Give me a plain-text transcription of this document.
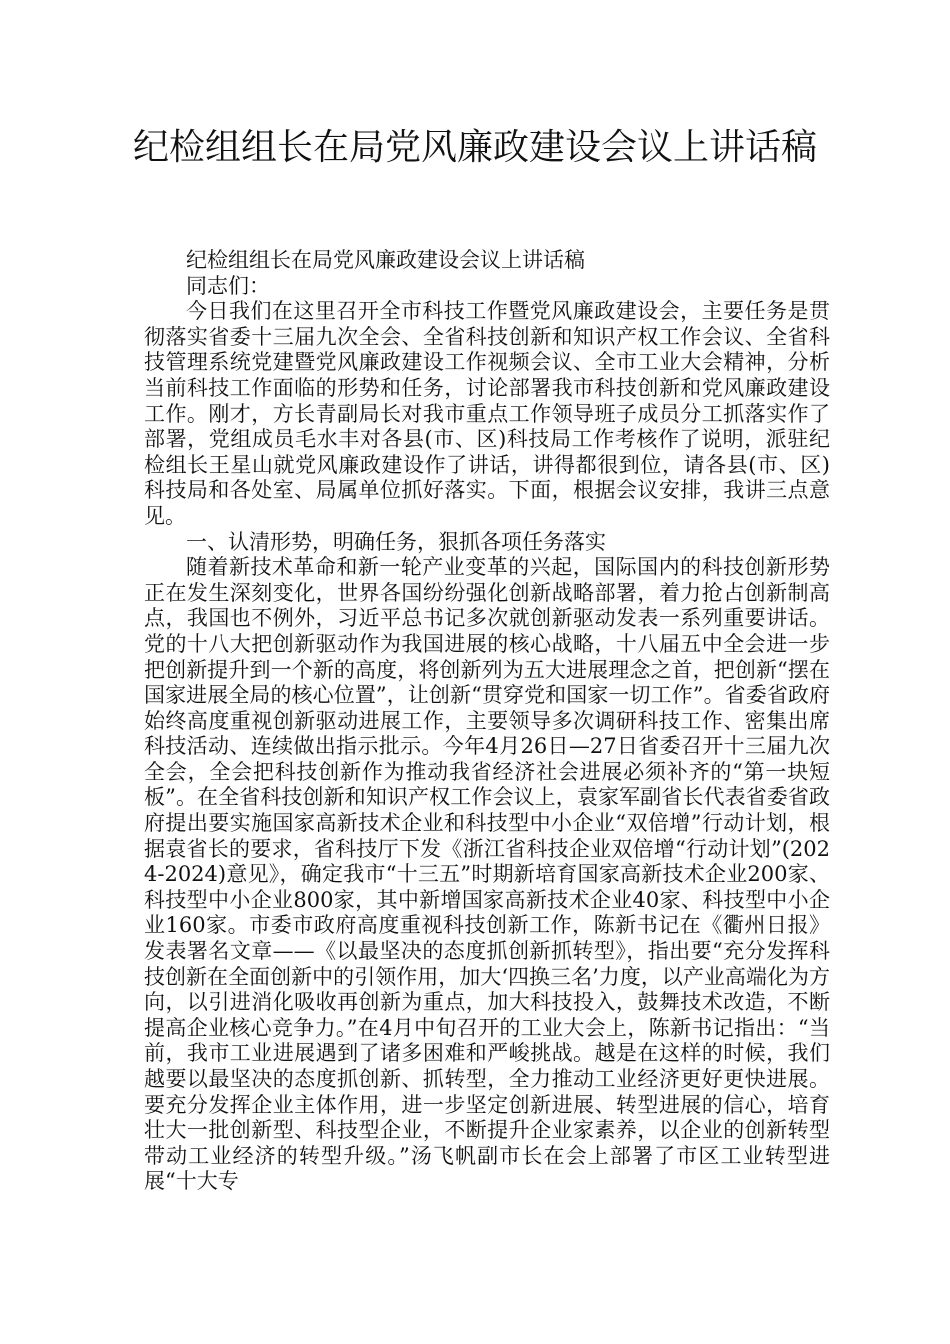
纪检组组长在局党风廉政建设会议上讲话稿

纪检组组长在局党风廉政建设会议上讲话稿

同志们：

今日我们在这里召开全市科技工作暨党风廉政建设会，主要任务是贯彻落实省委十三届九次全会、全省科技创新和知识产权工作会议、全省科技管理系统党建暨党风廉政建设工作视频会议、全市工业大会精神，分析当前科技工作面临的形势和任务，讨论部署我市科技创新和党风廉政建设工作。刚才，方长青副局长对我市重点工作领导班子成员分工抓落实作了部署，党组成员毛水丰对各县(市、区)科技局工作考核作了说明，派驻纪检组长王星山就党风廉政建设作了讲话，讲得都很到位，请各县(市、区)科技局和各处室、局属单位抓好落实。下面，根据会议安排，我讲三点意见。

一、认清形势，明确任务，狠抓各项任务落实

随着新技术革命和新一轮产业变革的兴起，国际国内的科技创新形势正在发生深刻变化，世界各国纷纷强化创新战略部署，着力抢占创新制高点，我国也不例外，习近平总书记多次就创新驱动发表一系列重要讲话。党的十八大把创新驱动作为我国进展的核心战略，十八届五中全会进一步把创新提升到一个新的高度，将创新列为五大进展理念之首，把创新“摆在国家进展全局的核心位置”，让创新“贯穿党和国家一切工作”。省委省政府始终高度重视创新驱动进展工作，主要领导多次调研科技工作、密集出席科技活动、连续做出指示批示。今年4月26日—27日省委召开十三届九次全会，全会把科技创新作为推动我省经济社会进展必须补齐的“第一块短板”。在全省科技创新和知识产权工作会议上，袁家军副省长代表省委省政府提出要实施国家高新技术企业和科技型中小企业“双倍增”行动计划，根据袁省长的要求，省科技厅下发《浙江省科技企业双倍增“行动计划”(2024-2024)意见》，确定我市“十三五”时期新培育国家高新技术企业200家、科技型中小企业800家，其中新增国家高新技术企业40家、科技型中小企业160家。市委市政府高度重视科技创新工作，陈新书记在《衢州日报》发表署名文章——《以最坚决的态度抓创新抓转型》，指出要“充分发挥科技创新在全面创新中的引领作用，加大‘四换三名’力度，以产业高端化为方向，以引进消化吸收再创新为重点，加大科技投入，鼓舞技术改造，不断提高企业核心竞争力。”在4月中旬召开的工业大会上，陈新书记指出：“当前，我市工业进展遇到了诸多困难和严峻挑战。越是在这样的时候，我们越要以最坚决的态度抓创新、抓转型，全力推动工业经济更好更快进展。要充分发挥企业主体作用，进一步坚定创新进展、转型进展的信心，培育壮大一批创新型、科技型企业，不断提升企业家素养，以企业的创新转型带动工业经济的转型升级。”汤飞帆副市长在会上部署了市区工业转型进展“十大专
